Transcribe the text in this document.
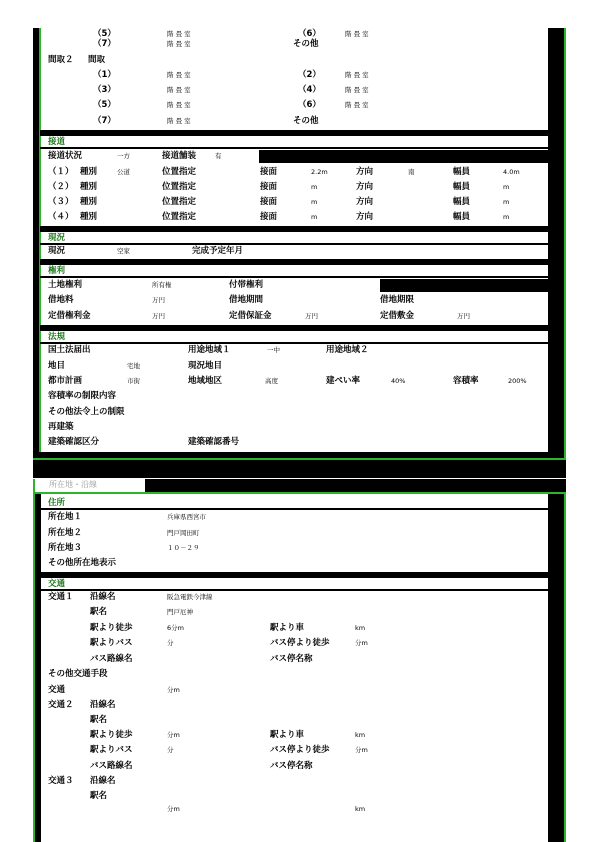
（5）	階 畳 室	（6）	階 畳 室
（7）	階 畳 室	その他
間取２ 間取
（1）	階 畳 室	（2）	階 畳 室
（3）	階 畳 室	（4）	階 畳 室
（5）	階 畳 室	（6）	階 畳 室
（7）	階 畳 室	その他
接道
接道状況	一方	接道舗装	有
（１） 種別	公道	位置指定	接面	2.2m	方向	南	幅員	4.0m
（２） 種別	位置指定	接面	m	方向	幅員	m
（３） 種別	位置指定	接面	m	方向	幅員	m
（４） 種別	位置指定	接面	m	方向	幅員	m
現況
現況	空家	完成予定年月
権利
土地権利	所有権	付帯権利
借地料	万円	借地期間	借地期限
定借権利金	万円	定借保証金	万円	定借敷金	万円
法規
国土法届出	用途地域１	一中	用途地域２
地目	宅地	現況地目
都市計画	市街	地域地区	高度	建ぺい率	40%	容積率	200%
容積率の制限内容
その他法令上の制限
再建築
建築確認区分	建築確認番号
所在地・沿線
住所
所在地１	兵庫県西宮市
所在地２	門戸岡田町
所在地３	１０－２９
その他所在地表示
交通
交通１ 沿線名	阪急電鉄今津線
駅名	門戸厄神
駅より徒歩	6分m	駅より車	km
駅よりバス	分	バス停より徒歩	分m
バス路線名	バス停名称
その他交通手段
交通	分m
交通２ 沿線名
駅名
駅より徒歩	分m	駅より車	km
駅よりバス	分	バス停より徒歩	分m
バス路線名	バス停名称
交通３ 沿線名
駅名
分m	km
